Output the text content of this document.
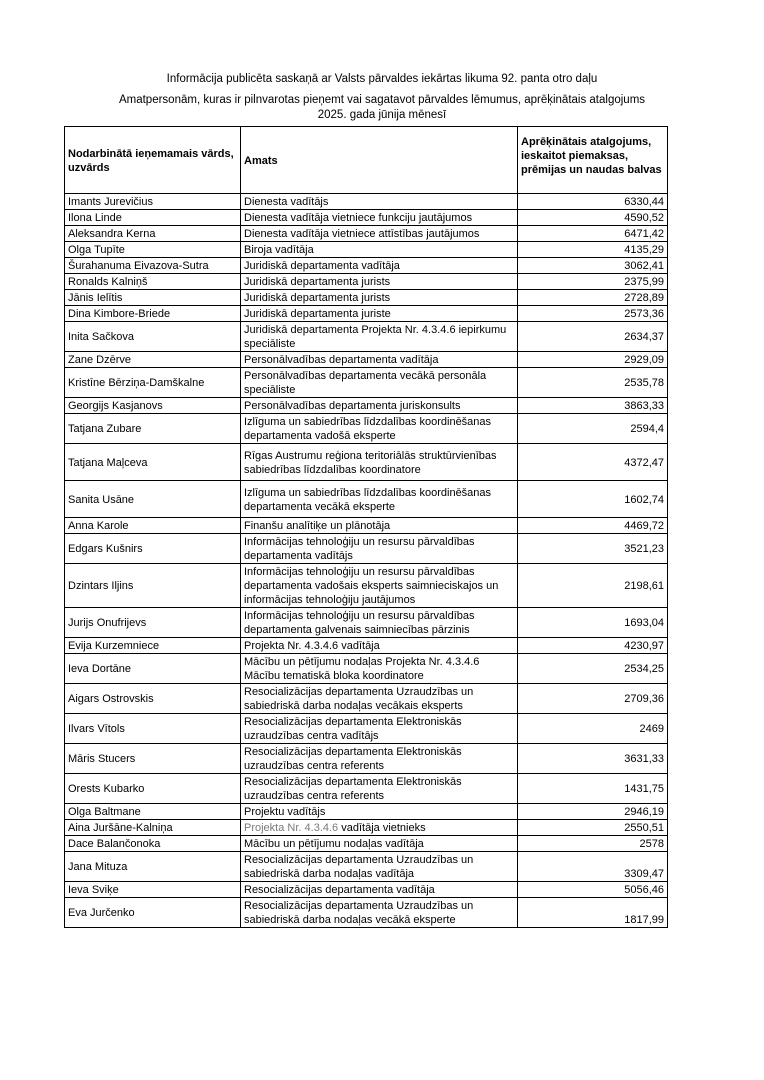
Informācija publicēta saskaņā ar Valsts pārvaldes iekārtas likuma 92. panta otro daļu
Amatpersonām, kuras ir pilnvarotas pieņemt vai sagatavot pārvaldes lēmumus, aprēķinātais atalgojums
2025. gada jūnija mēnesī
Nodarbinātā ieņemamais vārds, uzvārds	Amats	Aprēķinātais atalgojums, ieskaitot piemaksas, prēmijas un naudas balvas
Imants Jurevičius	Dienesta vadītājs	6330,44
Ilona Linde	Dienesta vadītāja vietniece funkciju jautājumos	4590,52
Aleksandra Kerna	Dienesta vadītāja vietniece attīstības jautājumos	6471,42
Olga Tupīte	Biroja vadītāja	4135,29
Šurahanuma Eivazova-Sutra	Juridiskā departamenta vadītāja	3062,41
Ronalds Kalniņš	Juridiskā departamenta jurists	2375,99
Jānis Ielītis	Juridiskā departamenta jurists	2728,89
Dina Kimbore-Briede	Juridiskā departamenta juriste	2573,36
Inita Sačkova	Juridiskā departamenta Projekta Nr. 4.3.4.6 iepirkumu speciāliste	2634,37
Zane Dzērve	Personālvadības departamenta vadītāja	2929,09
Kristīne Bērziņa-Damškalne	Personālvadības departamenta vecākā personāla speciāliste	2535,78
Georgijs Kasjanovs	Personālvadības departamenta juriskonsults	3863,33
Tatjana Zubare	Izlīguma un sabiedrības līdzdalības koordinēšanas departamenta vadošā eksperte	2594,4
Tatjana Maļceva	Rīgas Austrumu reģiona teritoriālās struktūrvienības sabiedrības līdzdalības koordinatore	4372,47
Sanita Usāne	Izlīguma un sabiedrības līdzdalības koordinēšanas departamenta vecākā eksperte	1602,74
Anna Karole	Finanšu analītiķe un plānotāja	4469,72
Edgars Kušnirs	Informācijas tehnoloģiju un resursu pārvaldības departamenta vadītājs	3521,23
Dzintars Iljins	Informācijas tehnoloģiju un resursu pārvaldības departamenta vadošais eksperts saimnieciskajos un informācijas tehnoloģiju jautājumos	2198,61
Jurijs Onufrijevs	Informācijas tehnoloģiju un resursu pārvaldības departamenta galvenais saimniecības pārzinis	1693,04
Evija Kurzemniece	Projekta Nr. 4.3.4.6 vadītāja	4230,97
Ieva Dortāne	Mācību un pētījumu nodaļas Projekta Nr. 4.3.4.6 Mācību tematiskā bloka koordinatore	2534,25
Aigars Ostrovskis	Resocializācijas departamenta Uzraudzības un sabiedriskā darba nodaļas vecākais eksperts	2709,36
Ilvars Vītols	Resocializācijas departamenta Elektroniskās uzraudzības centra vadītājs	2469
Māris Stucers	Resocializācijas departamenta Elektroniskās uzraudzības centra referents	3631,33
Orests Kubarko	Resocializācijas departamenta Elektroniskās uzraudzības centra referents	1431,75
Olga Baltmane	Projektu vadītājs	2946,19
Aina Juršāne-Kalniņa	Projekta Nr. 4.3.4.6 vadītāja vietnieks	2550,51
Dace Balančonoka	Mācību un pētījumu nodaļas vadītāja	2578
Jana Mituza	Resocializācijas departamenta Uzraudzības un sabiedriskā darba nodaļas vadītāja	3309,47
Ieva Sviķe	Resocializācijas departamenta vadītāja	5056,46
Eva Jurčenko	Resocializācijas departamenta Uzraudzības un sabiedriskā darba nodaļas vecākā eksperte	1817,99
